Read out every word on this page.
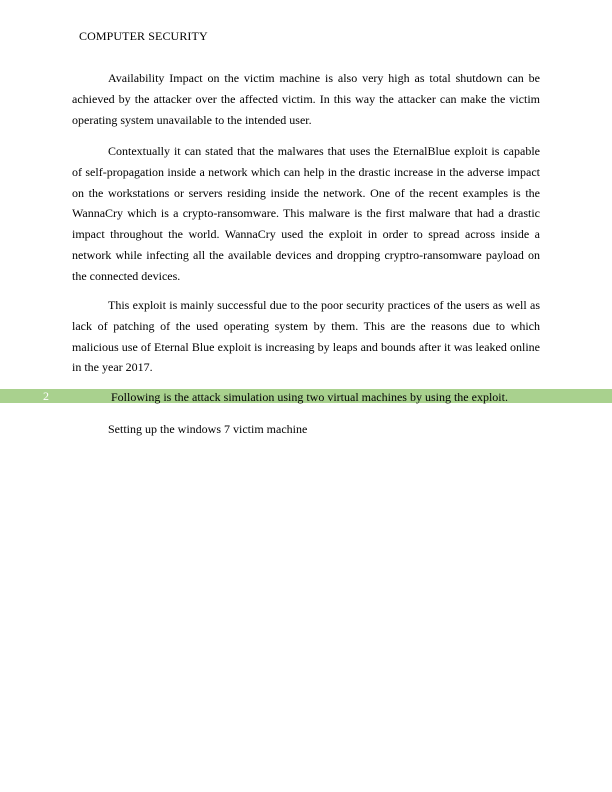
COMPUTER SECURITY

Availability Impact on the victim machine is also very high as total shutdown can be achieved by the attacker over the affected victim. In this way the attacker can make the victim operating system unavailable to the intended user.

Contextually it can stated that the malwares that uses the EternalBlue exploit is capable of self-propagation inside a network which can help in the drastic increase in the adverse impact on the workstations or servers residing inside the network. One of the recent examples is the WannaCry which is a crypto-ransomware. This malware is the first malware that had a drastic impact throughout the world. WannaCry used the exploit in order to spread across inside a network while infecting all the available devices and dropping cryptro-ransomware payload on the connected devices.

This exploit is mainly successful due to the poor security practices of the users as well as lack of patching of the used operating system by them. This are the reasons due to which malicious use of Eternal Blue exploit is increasing by leaps and bounds after it was leaked online in the year 2017.

2	Following is the attack simulation using two virtual machines by using the exploit.
Setting up the windows 7 victim machine
